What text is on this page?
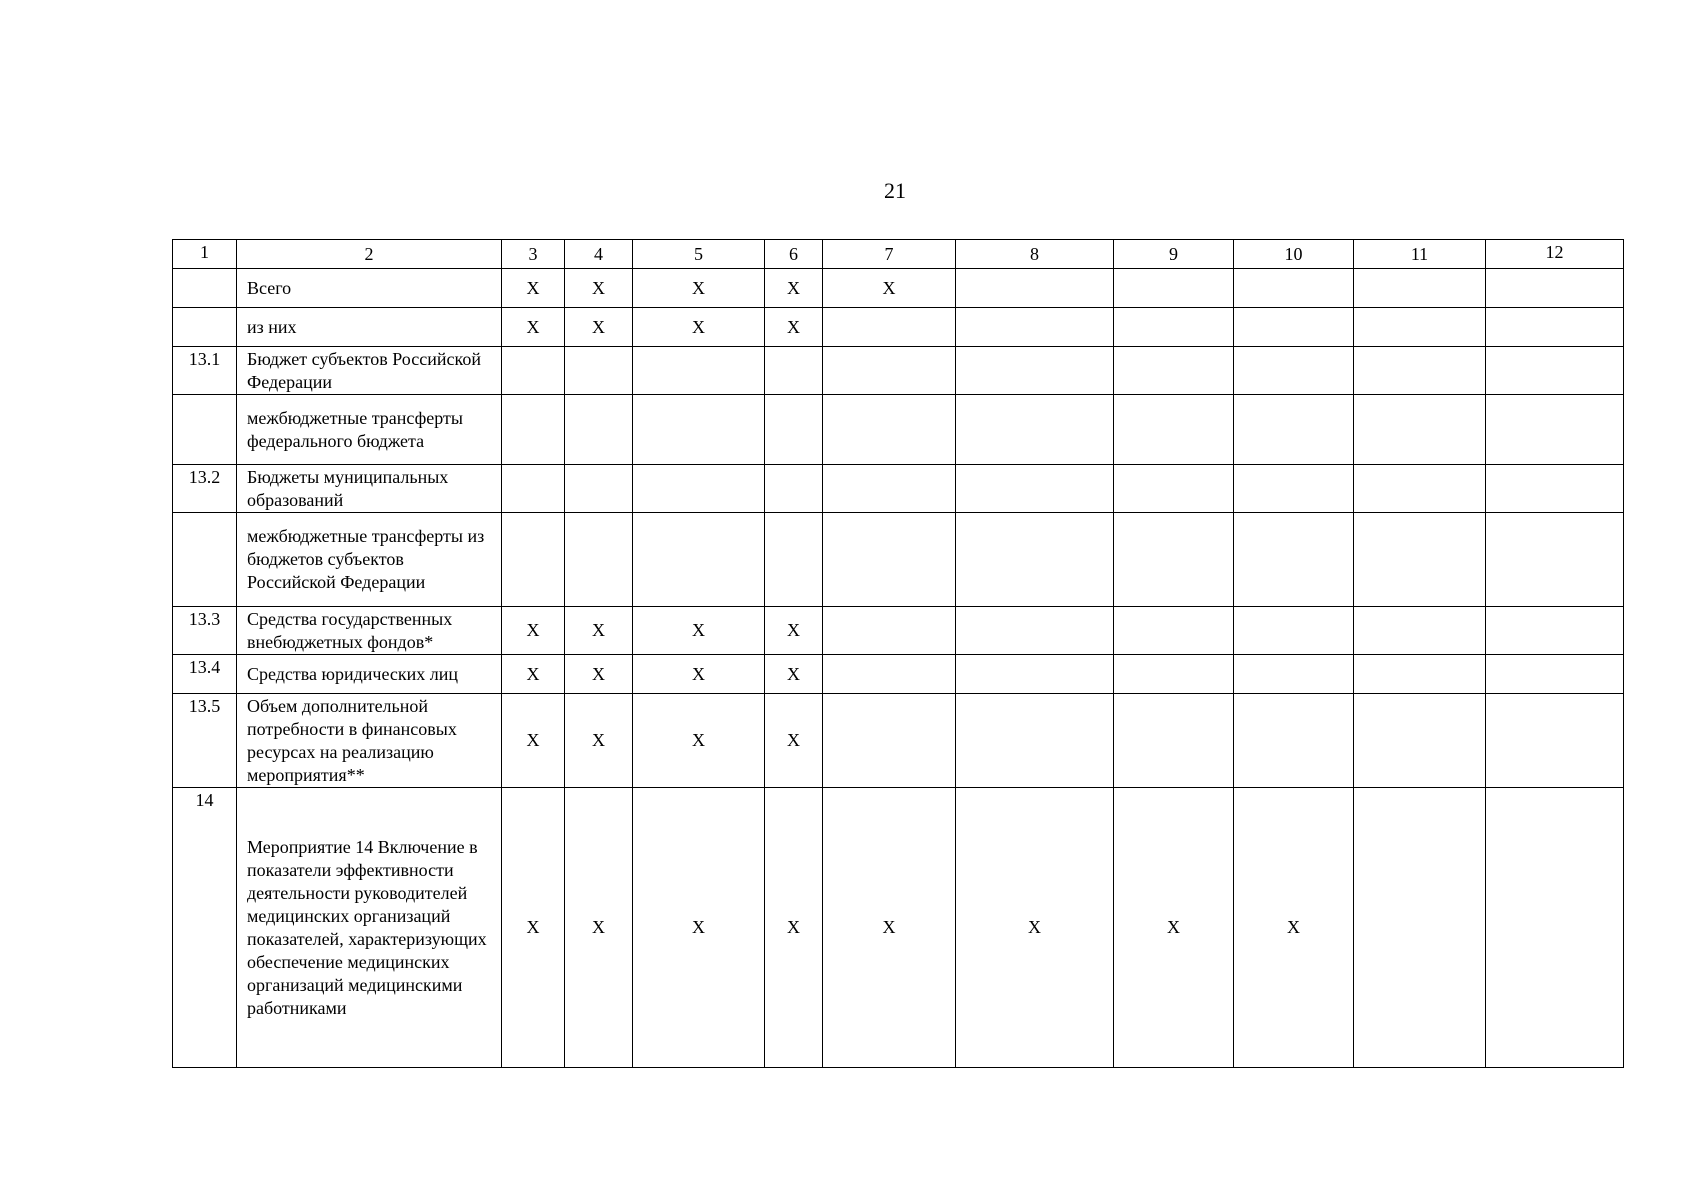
21
1	2	3	4	5	6	7	8	9	10	11	12
	Всего	X	X	X	X	X					
	из них	X	X	X	X						
13.1	Бюджет субъектов Российской Федерации										
	межбюджетные трансферты федерального бюджета										
13.2	Бюджеты муниципальных образований										
	межбюджетные трансферты из бюджетов субъектов Российской Федерации										
13.3	Средства государственных внебюджетных фондов*	X	X	X	X						
13.4	Средства юридических лиц	X	X	X	X						
13.5	Объем дополнительной потребности в финансовых ресурсах на реализацию мероприятия**	X	X	X	X						
14	Мероприятие 14 Включение в показатели эффективности деятельности руководителей медицинских организаций показателей, характеризующих обеспечение медицинских организаций медицинскими работниками	X	X	X	X	X	X	X	X		
